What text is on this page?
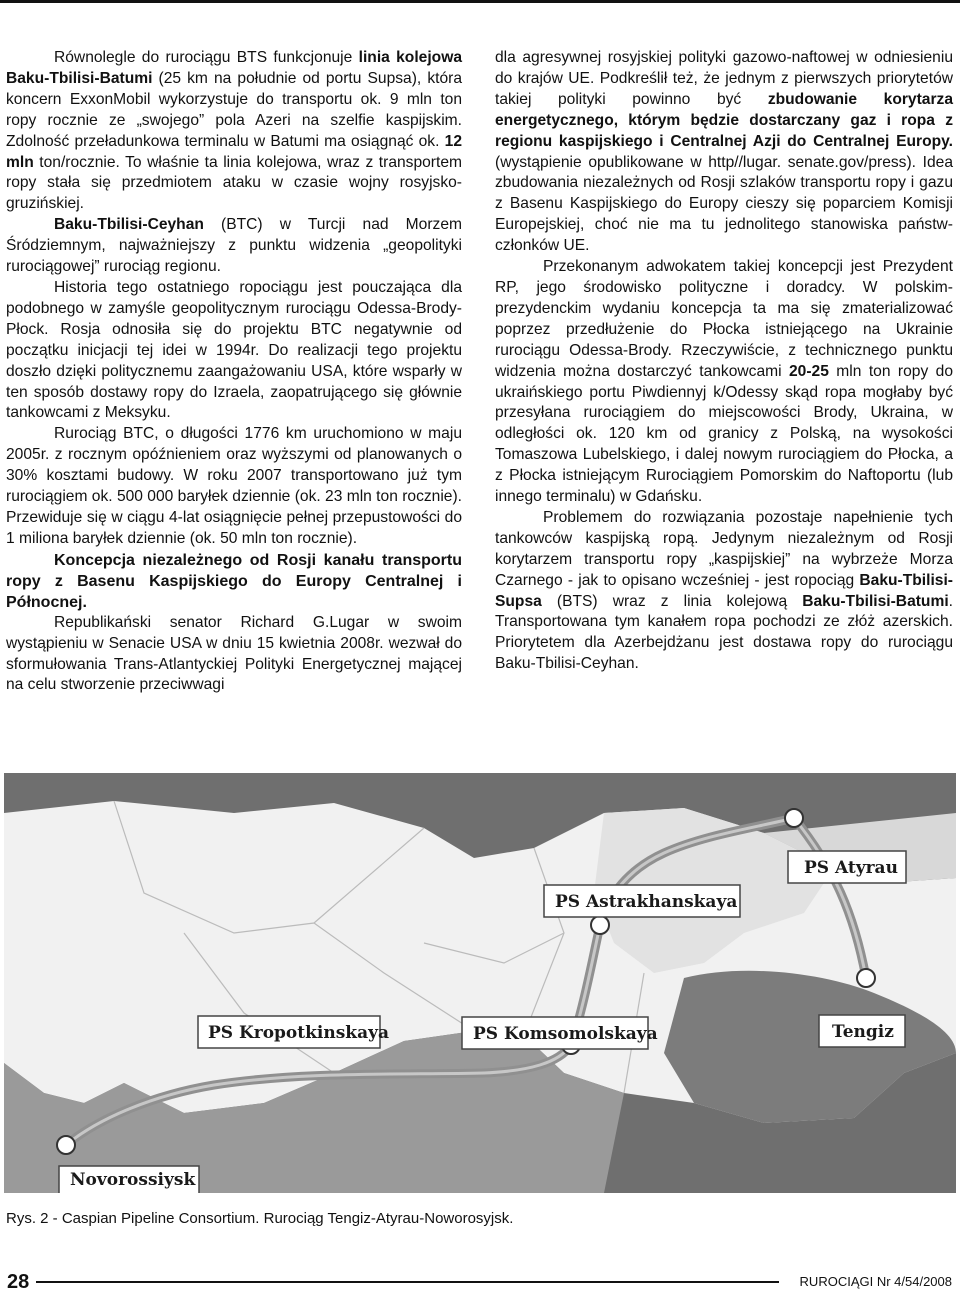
Równolegle do rurociągu BTS funkcjonuje linia kolejowa Baku-Tbilisi-Batumi (25 km na południe od portu Supsa), która koncern ExxonMobil wykorzystuje do transportu ok. 9 mln ton ropy rocznie ze „swojego” pola Azeri na szelfie kaspijskim. Zdolność przeładunkowa terminalu w Batumi ma osiągnąć ok. 12 mln ton/rocznie. To właśnie ta linia kolejowa, wraz z transportem ropy stała się przedmiotem ataku w czasie wojny rosyjsko-gruzińskiej.

Baku-Tbilisi-Ceyhan (BTC) w Turcji nad Morzem Śródziemnym, najważniejszy z punktu widzenia „geopolityki rurociągowej” rurociąg regionu.

Historia tego ostatniego ropociągu jest pouczająca dla podobnego w zamyśle geopolitycznym rurociągu Odessa-Brody-Płock. Rosja odnosiła się do projektu BTC negatywnie od początku inicjacji tej idei w 1994r. Do realizacji tego projektu doszło dzięki politycznemu zaangażowaniu USA, które wsparły w ten sposób dostawy ropy do Izraela, zaopatrującego się głównie tankowcami z Meksyku.

Rurociąg BTC, o długości 1776 km uruchomiono w maju 2005r. z rocznym opóźnieniem oraz wyższymi od planowanych o 30% kosztami budowy. W roku 2007 transportowano już tym rurociągiem ok. 500 000 baryłek dziennie (ok. 23 mln ton rocznie). Przewiduje się w ciągu 4-lat osiągnięcie pełnej przepustowości do 1 miliona baryłek dziennie (ok. 50 mln ton rocznie).

Koncepcja niezależnego od Rosji kanału transportu ropy z Basenu Kaspijskiego do Europy Centralnej i Północnej.

Republikański senator Richard G.Lugar w swoim wystąpieniu w Senacie USA w dniu 15 kwietnia 2008r. wezwał do sformułowania Trans-Atlantyckiej Polityki Energetycznej mającej na celu stworzenie przeciwwagi

dla agresywnej rosyjskiej polityki gazowo-naftowej w odniesieniu do krajów UE. Podkreślił też, że jednym z pierwszych priorytetów takiej polityki powinno być zbudowanie korytarza energetycznego, którym będzie dostarczany gaz i ropa z regionu kaspijskiego i Centralnej Azji do Centralnej Europy. (wystąpienie opublikowane w http//lugar. senate.gov/press). Idea zbudowania niezależnych od Rosji szlaków transportu ropy i gazu z Basenu Kaspijskiego do Europy cieszy się poparciem Komisji Europejskiej, choć nie ma tu jednolitego stanowiska państw-członków UE.

Przekonanym adwokatem takiej koncepcji jest Prezydent RP, jego środowisko polityczne i doradcy. W polskim-prezydenckim wydaniu koncepcja ta ma się zmaterializować poprzez przedłużenie do Płocka istniejącego na Ukrainie rurociągu Odessa-Brody. Rzeczywiście, z technicznego punktu widzenia można dostarczyć tankowcami 20-25 mln ton ropy do ukraińskiego portu Piwdiennyj k/Odessy skąd ropa mogłaby być przesyłana rurociągiem do miejscowości Brody, Ukraina, w odległości ok. 120 km od granicy z Polską, na wysokości Tomaszowa Lubelskiego, i dalej nowym rurociągiem do Płocka, a z Płocka istniejącym Rurociągiem Pomorskim do Naftoportu (lub innego terminalu) w Gdańsku.

Problemem do rozwiązania pozostaje napełnienie tych tankowców kaspijską ropą. Jedynym niezależnym od Rosji korytarzem transportu ropy „kaspijskiej” na wybrzeże Morza Czarnego - jak to opisano wcześniej - jest ropociąg Baku-Tbilisi-Supsa (BTS) wraz z linia kolejową Baku-Tbilisi-Batumi. Transportowana tym kanałem ropa pochodzi ze złóż azerskich. Priorytetem dla Azerbejdżanu jest dostawa ropy do rurociągu Baku-Tbilisi-Ceyhan.

PS Atyrau
PS Astrakhanskaya
PS Kropotkinskaya	PS Komsomolskaya	Tengiz
Novorossiysk
Rys. 2 - Caspian Pipeline Consortium. Rurociąg Tengiz-Atyrau-Noworosyjsk.
28	RUROCIĄGI Nr 4/54/2008
